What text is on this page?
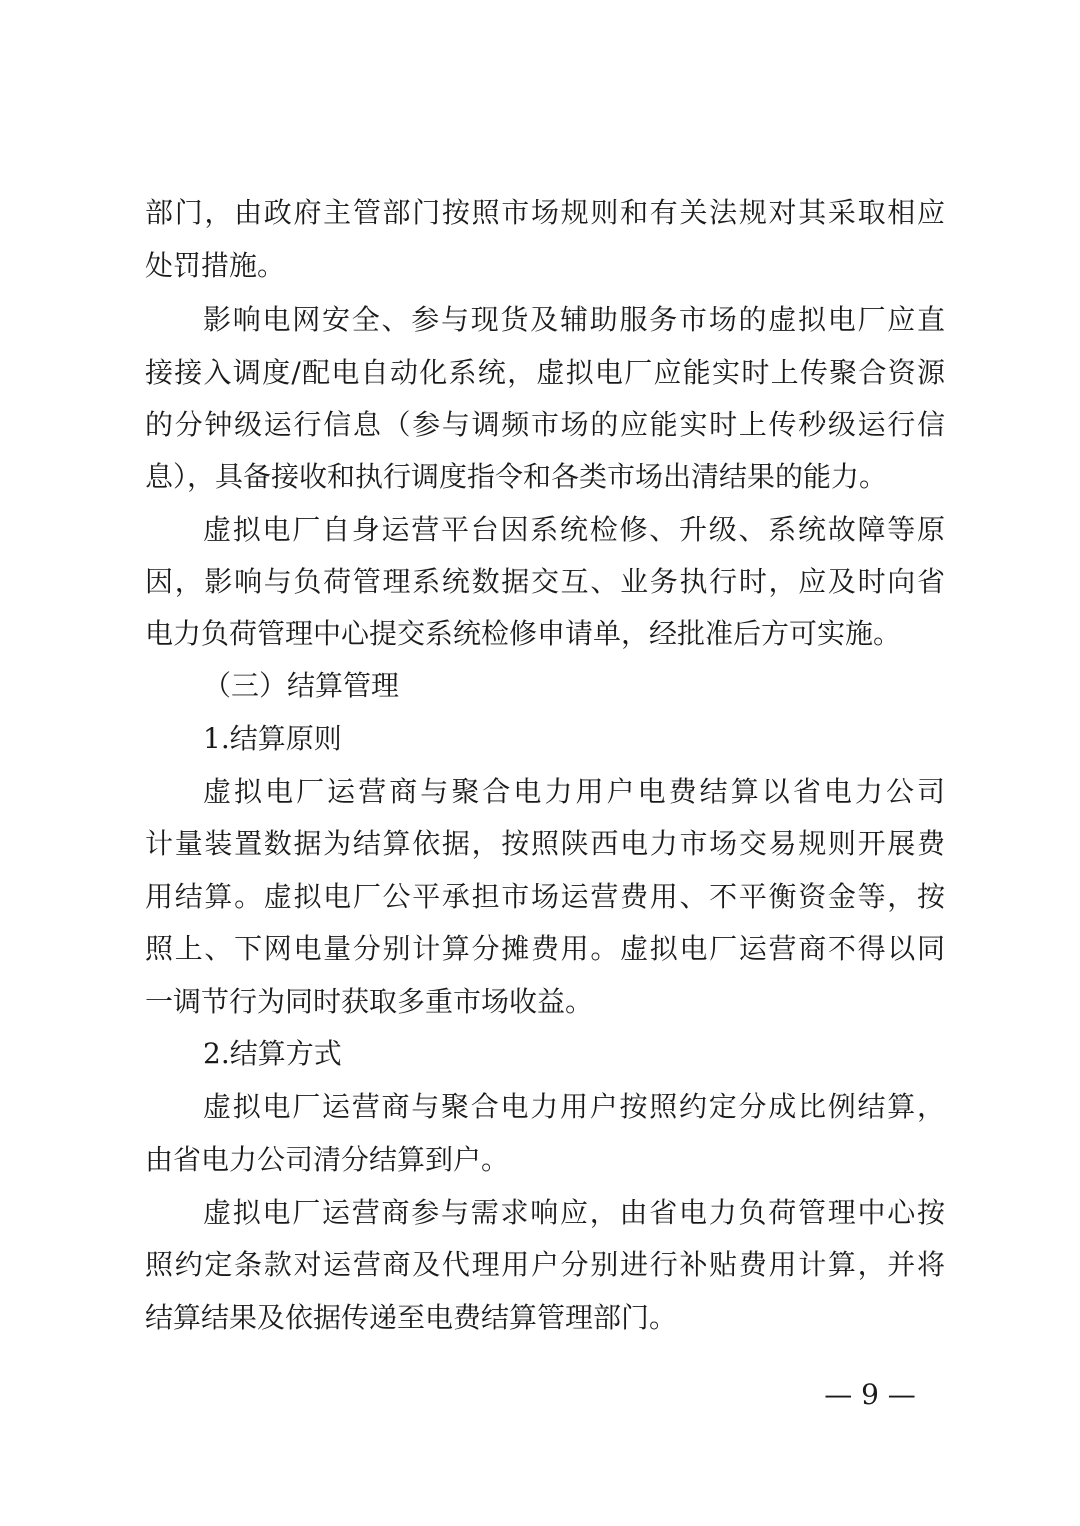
部门，由政府主管部门按照市场规则和有关法规对其采取相应
处罚措施。
影响电网安全、参与现货及辅助服务市场的虚拟电厂应直
接接入调度/配电自动化系统，虚拟电厂应能实时上传聚合资源
的分钟级运行信息（参与调频市场的应能实时上传秒级运行信
息），具备接收和执行调度指令和各类市场出清结果的能力。
虚拟电厂自身运营平台因系统检修、升级、系统故障等原
因，影响与负荷管理系统数据交互、业务执行时，应及时向省
电力负荷管理中心提交系统检修申请单，经批准后方可实施。
（三）结算管理
1.结算原则
虚拟电厂运营商与聚合电力用户电费结算以省电力公司
计量装置数据为结算依据，按照陕西电力市场交易规则开展费
用结算。虚拟电厂公平承担市场运营费用、不平衡资金等，按
照上、下网电量分别计算分摊费用。虚拟电厂运营商不得以同
一调节行为同时获取多重市场收益。
2.结算方式
虚拟电厂运营商与聚合电力用户按照约定分成比例结算，
由省电力公司清分结算到户。
虚拟电厂运营商参与需求响应，由省电力负荷管理中心按
照约定条款对运营商及代理用户分别进行补贴费用计算，并将
结算结果及依据传递至电费结算管理部门。
— 9 —
